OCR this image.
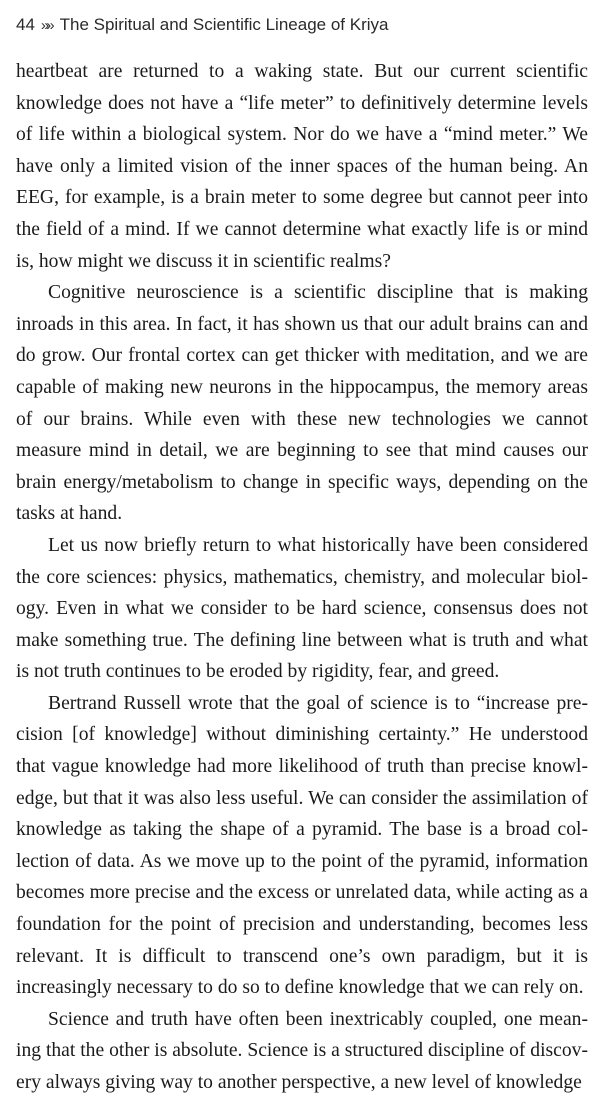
44 »» The Spiritual and Scientific Lineage of Kriya

heartbeat are returned to a waking state. But our current scientific knowledge does not have a “life meter” to definitively determine levels of life within a biological system. Nor do we have a “mind meter.” We have only a limited vision of the inner spaces of the human being. An EEG, for example, is a brain meter to some degree but cannot peer into the field of a mind. If we cannot determine what exactly life is or mind is, how might we discuss it in scientific realms?

Cognitive neuroscience is a scientific discipline that is making inroads in this area. In fact, it has shown us that our adult brains can and do grow. Our frontal cortex can get thicker with meditation, and we are capable of making new neurons in the hippocampus, the memory areas of our brains. While even with these new technologies we cannot measure mind in detail, we are beginning to see that mind causes our brain energy/metabolism to change in specific ways, depending on the tasks at hand.

Let us now briefly return to what historically have been considered the core sciences: physics, mathematics, chemistry, and molecular biology. Even in what we consider to be hard science, consensus does not make something true. The defining line between what is truth and what is not truth continues to be eroded by rigidity, fear, and greed.

Bertrand Russell wrote that the goal of science is to “increase precision [of knowledge] without diminishing certainty.” He understood that vague knowledge had more likelihood of truth than precise knowledge, but that it was also less useful. We can consider the assimilation of knowledge as taking the shape of a pyramid. The base is a broad collection of data. As we move up to the point of the pyramid, information becomes more precise and the excess or unrelated data, while acting as a foundation for the point of precision and understanding, becomes less relevant. It is difficult to transcend one’s own paradigm, but it is increasingly necessary to do so to define knowledge that we can rely on.

Science and truth have often been inextricably coupled, one meaning that the other is absolute. Science is a structured discipline of discovery always giving way to another perspective, a new level of knowledge
